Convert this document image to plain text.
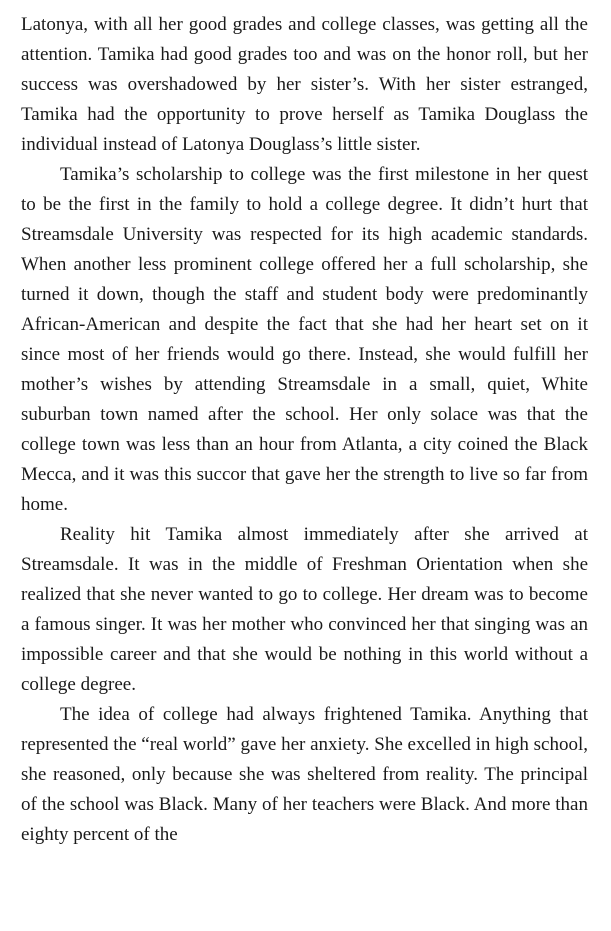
Latonya, with all her good grades and college classes, was getting all the attention. Tamika had good grades too and was on the honor roll, but her success was overshadowed by her sister’s. With her sister estranged, Tamika had the opportunity to prove herself as Tamika Douglass the individual instead of Latonya Douglass’s little sister.

Tamika’s scholarship to college was the first milestone in her quest to be the first in the family to hold a college degree. It didn’t hurt that Streamsdale University was respected for its high academic standards. When another less prominent college offered her a full scholarship, she turned it down, though the staff and student body were predominantly African-American and despite the fact that she had her heart set on it since most of her friends would go there. Instead, she would fulfill her mother’s wishes by attending Streamsdale in a small, quiet, White suburban town named after the school. Her only solace was that the college town was less than an hour from Atlanta, a city coined the Black Mecca, and it was this succor that gave her the strength to live so far from home.

Reality hit Tamika almost immediately after she arrived at Streamsdale. It was in the middle of Freshman Orientation when she realized that she never wanted to go to college. Her dream was to become a famous singer. It was her mother who convinced her that singing was an impossible career and that she would be nothing in this world without a college degree.

The idea of college had always frightened Tamika. Anything that represented the “real world” gave her anxiety. She excelled in high school, she reasoned, only because she was sheltered from reality. The principal of the school was Black. Many of her teachers were Black. And more than eighty percent of the
